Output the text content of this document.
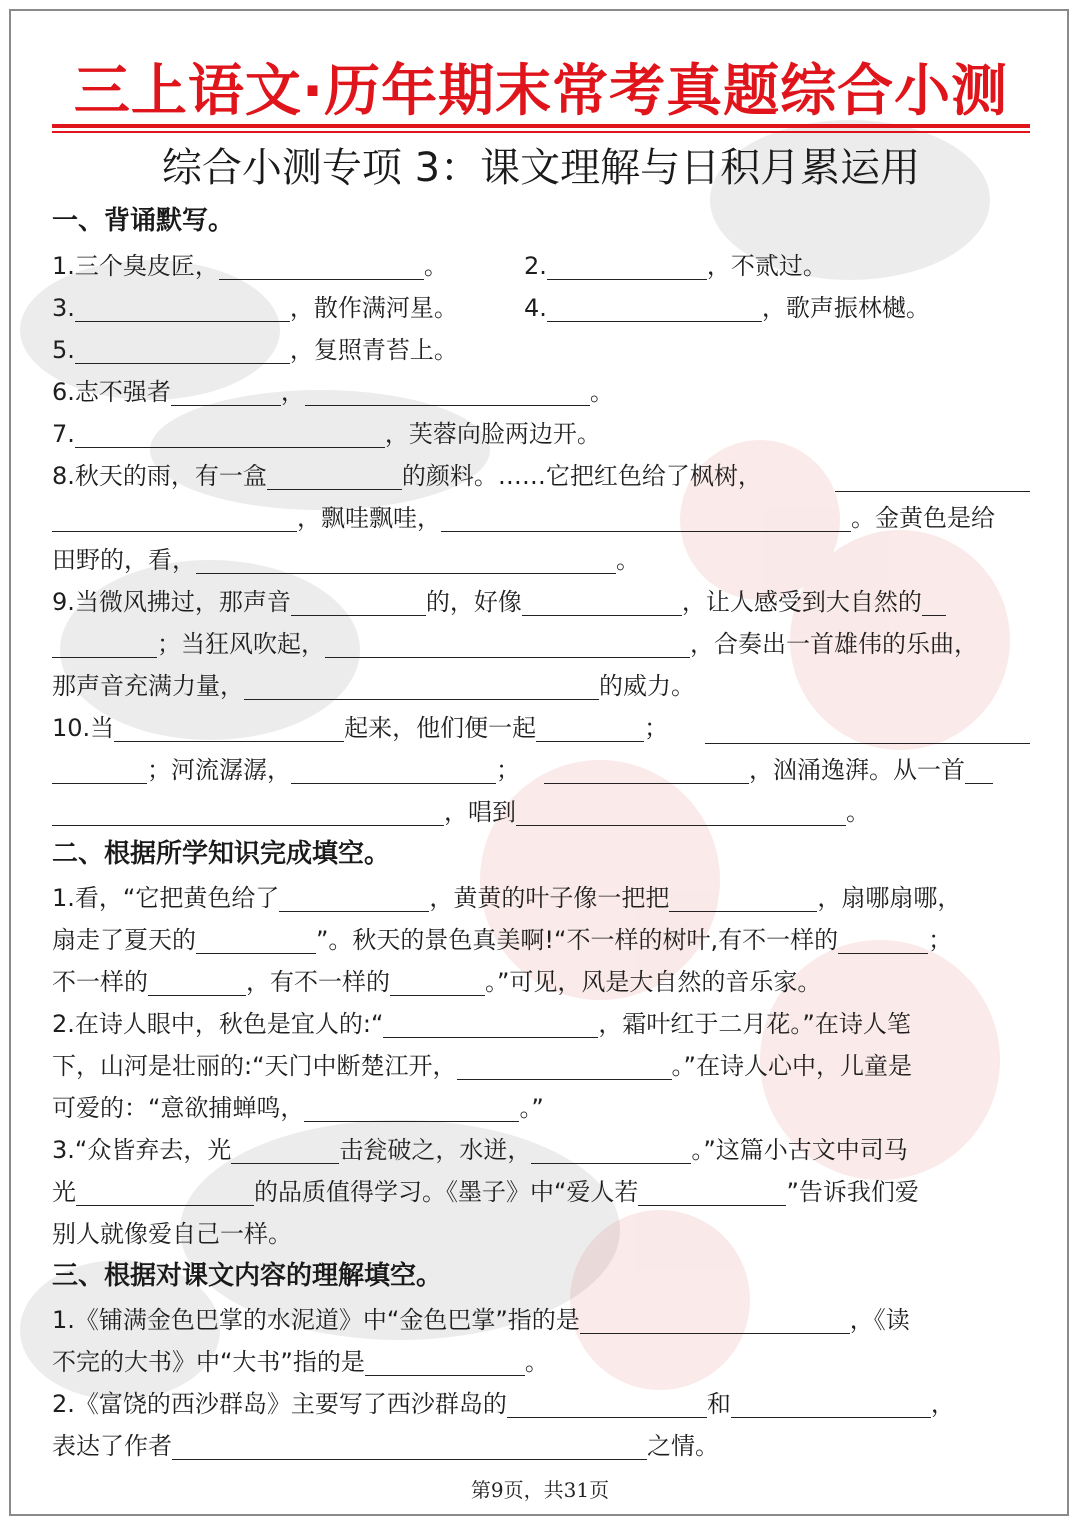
三上语文·历年期末常考真题综合小测
综合小测专项 3：课文理解与日积月累运用
一、背诵默写。
1.三个臭皮匠，	。	2.	，不贰过。
3.	，散作满河星。	4.	，歌声振林樾。
5.	，复照青苔上。
6.志不强者	，	。
7.	，芙蓉向脸两边开。
8.秋天的雨，有一盒	的颜料。……它把红色给了枫树，
，飘哇飘哇，	。金黄色是给
田野的，看，	。
9.当微风拂过，那声音	的，好像	，让人感受到大自然的
；当狂风吹起，	，合奏出一首雄伟的乐曲，
那声音充满力量，	的威力。
10.当	起来，他们便一起	；
；河流潺潺，	；	，汹涌逸湃。从一首
，唱到	。
二、根据所学知识完成填空。
1.看，“它把黄色给了	，黄黄的叶子像一把把	，扇哪扇哪，
扇走了夏天的	”。秋天的景色真美啊!“不一样的树叶,有不一样的	；
不一样的	，有不一样的	。”可见，风是大自然的音乐家。
2.在诗人眼中，秋色是宜人的:“	，霜叶红于二月花。”在诗人笔
下，山河是壮丽的:“天门中断楚江开，	。”在诗人心中，儿童是
可爱的：“意欲捕蝉鸣，	。”
3.“众皆弃去，光	击瓮破之，水迸，	。”这篇小古文中司马
光	的品质值得学习。《墨子》中“爱人若	”告诉我们爱
别人就像爱自己一样。
三、根据对课文内容的理解填空。
1.《铺满金色巴掌的水泥道》中“金色巴掌”指的是	，《读
不完的大书》中“大书”指的是	。
2.《富饶的西沙群岛》主要写了西沙群岛的	和	，
表达了作者	之情。
第9页，共31页
